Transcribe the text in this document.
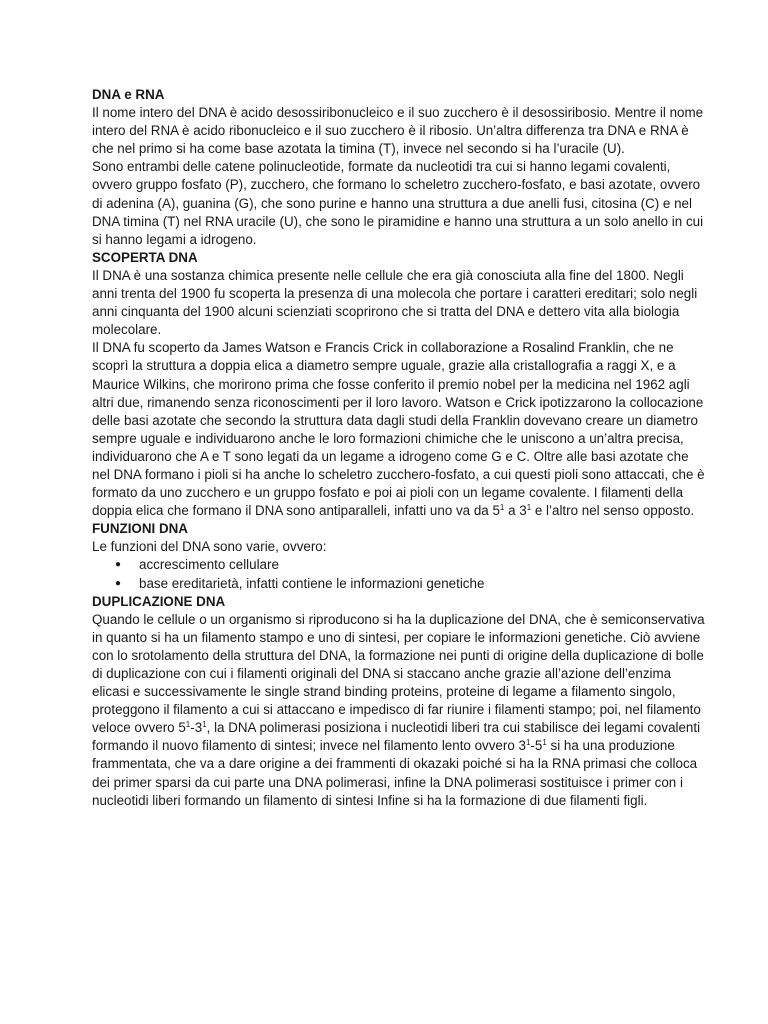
DNA e RNA

Il nome intero del DNA è acido desossiribonucleico e il suo zucchero è il desossiribosio. Mentre il nome intero del RNA è acido ribonucleico e il suo zucchero è il ribosio. Un’altra differenza tra DNA e RNA è che nel primo si ha come base azotata la timina (T), invece nel secondo si ha l’uracile (U).

Sono entrambi delle catene polinucleotide, formate da nucleotidi tra cui si hanno legami covalenti, ovvero gruppo fosfato (P), zucchero, che formano lo scheletro zucchero-fosfato, e basi azotate, ovvero di adenina (A), guanina (G), che sono purine e hanno una struttura a due anelli fusi, citosina (C) e nel DNA timina (T) nel RNA uracile (U), che sono le piramidine e hanno una struttura a un solo anello in cui si hanno legami a idrogeno.

SCOPERTA DNA

Il DNA è una sostanza chimica presente nelle cellule che era già conosciuta alla fine del 1800. Negli anni trenta del 1900 fu scoperta la presenza di una molecola che portare i caratteri ereditari; solo negli anni cinquanta del 1900 alcuni scienziati scoprirono che si tratta del DNA e dettero vita alla biologia molecolare.

Il DNA fu scoperto da James Watson e Francis Crick in collaborazione a Rosalind Franklin, che ne scoprì la struttura a doppia elica a diametro sempre uguale, grazie alla cristallografia a raggi X, e a Maurice Wilkins, che morirono prima che fosse conferito il premio nobel per la medicina nel 1962 agli altri due, rimanendo senza riconoscimenti per il loro lavoro. Watson e Crick ipotizzarono la collocazione delle basi azotate che secondo la struttura data dagli studi della Franklin dovevano creare un diametro sempre uguale e individuarono anche le loro formazioni chimiche che le uniscono a un’altra precisa, individuarono che A e T sono legati da un legame a idrogeno come G e C. Oltre alle basi azotate che nel DNA formano i pioli si ha anche lo scheletro zucchero-fosfato, a cui questi pioli sono attaccati, che è formato da uno zucchero e un gruppo fosfato e poi ai pioli con un legame covalente. I filamenti della doppia elica che formano il DNA sono antiparalleli, infatti uno va da $5^1$ a $3^1$ e l’altro nel senso opposto.

FUNZIONI DNA

Le funzioni del DNA sono varie, ovvero:

● accrescimento cellulare
● base ereditarietà, infatti contiene le informazioni genetiche

DUPLICAZIONE DNA

Quando le cellule o un organismo si riproducono si ha la duplicazione del DNA, che è semiconservativa in quanto si ha un filamento stampo e uno di sintesi, per copiare le informazioni genetiche. Ciò avviene con lo srotolamento della struttura del DNA, la formazione nei punti di origine della duplicazione di bolle di duplicazione con cui i filamenti originali del DNA si staccano anche grazie all’azione dell’enzima elicasi e successivamente le single strand binding proteins, proteine di legame a filamento singolo, proteggono il filamento a cui si attaccano e impedisco di far riunire i filamenti stampo; poi, nel filamento veloce ovvero $5^1-3^1$, la DNA polimerasi posiziona i nucleotidi liberi tra cui stabilisce dei legami covalenti formando il nuovo filamento di sintesi; invece nel filamento lento ovvero $3^1-5^1$ si ha una produzione frammentata, che va a dare origine a dei frammenti di okazaki poiché si ha la RNA primasi che colloca dei primer sparsi da cui parte una DNA polimerasi, infine la DNA polimerasi sostituisce i primer con i nucleotidi liberi formando un filamento di sintesi Infine si ha la formazione di due filamenti figli.
